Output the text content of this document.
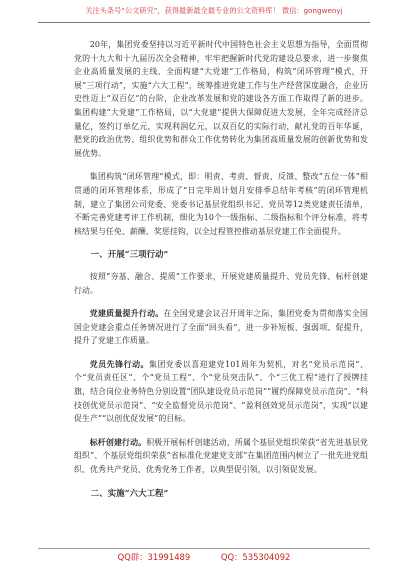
关注头条号“公文研究”，获得最新最全最专业的公文资料库！ 微信：gongwenyj

20年，集团党委坚持以习近平新时代中国特色社会主义思想为指导，全面贯彻党的十九大和十九届历次全会精神，牢牢把握新时代党的建设总要求，进一步聚焦企业高质量发展的主线，全面构建“大党建”工作格局，构筑“闭环管理”模式，开展“三项行动”，实施“六大工程”，统筹推进党建工作与生产经营深度融合，企业历史性迈上“双百亿”的台阶，企业改革发展和党的建设各方面工作取得了新的进步。集团构建“大党建”工作格局，以“大党建”提供大保障促进大发展，全年完成经济总量亿，签约订单亿元，实现利润亿元，以双百亿的实际行动，献礼党的百年华诞，肥党的政治优势、组织优势和群众工作优势转化为集团高质量发展的创新优势和发展优势。

集团构筑“闭环管理”模式，即：明责、考责、督责、反馈、整改“五位一体”相贯通的闭环管理体系，形成了“日完毕周计划月安排季总结年考核”的闭环管理机制，建立了集团公司党委、党委书记基层党组织书记、党员等12类党建责任清单，不断完善党建考评工作机制，细化为10个一级指标、二级指标和个评分标准，将考核结果与任免、薪酬、奖惩挂钩，以全过程管控推动基层党建工作全面提升。

一、开展“三项行动”

按照“夯基、融合、提质”工作要求，开展党建质量提升、党员先锋、标杆创建行动。

党建质量提升行动。在全国党建会议召开周年之际，集团党委为贯彻落实全国国企党建会重点任务情况进行了全面“回头看”，进一步补短板、强弱项、促提升，提升了党建工作质量。

党员先锋行动。集团党委以喜迎建党101周年为契机，对名“党员示范岗”、个“党员责任区”、个“党员工程”、个“党员突击队”、个“三优工程”进行了授牌挂旗，结合岗位业务特色分别设置“团队建设党员示范岗”“履约保障党员示范岗”、“科技创优党员示范岗”、“安全监督党员示范岗”、“盈利创效党员示范岗”，实现“以建促生产”“以创优促发展”的目标。

标杆创建行动。积极开展标杆创建活动，所属个基层党组织荣获“省先进基层党组织”、个基层党组织荣获“省标准化党建党支部”在集团范围内树立了一批先进党组织、优秀共产党员、优秀党务工作者，以典型促引领，以引领促发展。

二、实施“六大工程”
QQ群：31991489	QQ：535304092
